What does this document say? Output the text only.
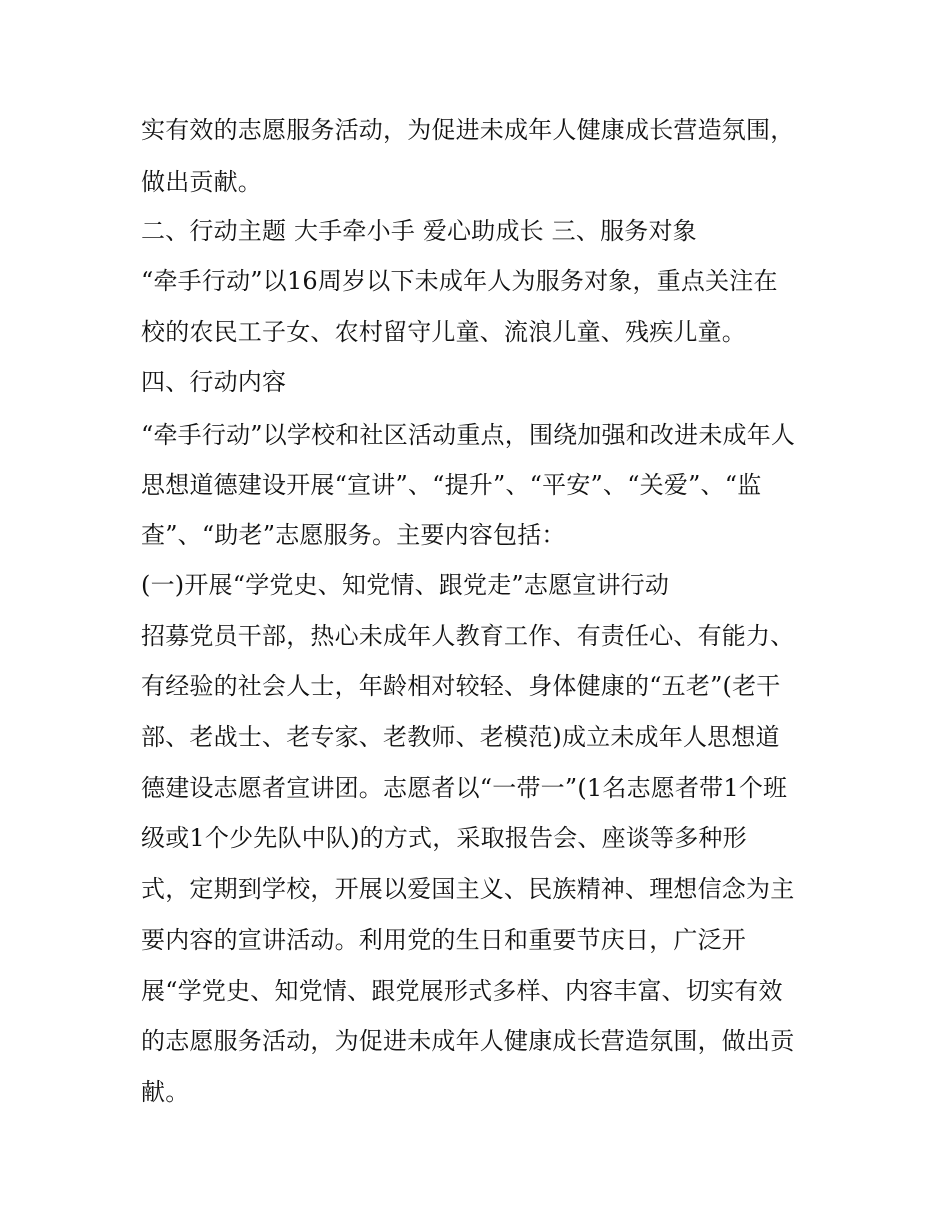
实有效的志愿服务活动，为促进未成年人健康成长营造氛围，
做出贡献。
二、行动主题 大手牵小手 爱心助成长 三、服务对象
“牵手行动”以16周岁以下未成年人为服务对象，重点关注在
校的农民工子女、农村留守儿童、流浪儿童、残疾儿童。
四、行动内容
“牵手行动”以学校和社区活动重点，围绕加强和改进未成年人
思想道德建设开展“宣讲”、“提升”、“平安”、“关爱”、“监
查”、“助老”志愿服务。主要内容包括：
(一)开展“学党史、知党情、跟党走”志愿宣讲行动
招募党员干部，热心未成年人教育工作、有责任心、有能力、
有经验的社会人士，年龄相对较轻、身体健康的“五老”(老干
部、老战士、老专家、老教师、老模范)成立未成年人思想道
德建设志愿者宣讲团。志愿者以“一带一”(1名志愿者带1个班
级或1个少先队中队)的方式，采取报告会、座谈等多种形
式，定期到学校，开展以爱国主义、民族精神、理想信念为主
要内容的宣讲活动。利用党的生日和重要节庆日，广泛开
展“学党史、知党情、跟党展形式多样、内容丰富、切实有效
的志愿服务活动，为促进未成年人健康成长营造氛围，做出贡
献。
